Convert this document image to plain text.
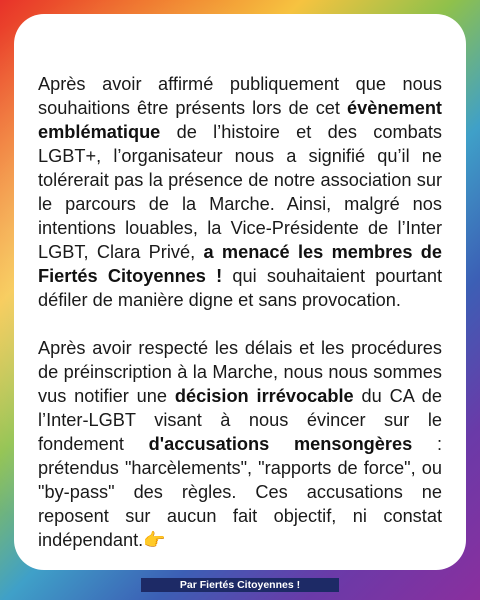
Après avoir affirmé publiquement que nous souhaitions être présents lors de cet évènement emblématique de l’histoire et des combats LGBT+, l’organisateur nous a signifié qu’il ne tolérerait pas la présence de notre association sur le parcours de la Marche. Ainsi, malgré nos intentions louables, la Vice-Présidente de l’Inter LGBT, Clara Privé, a menacé les membres de Fiertés Citoyennes ! qui souhaitaient pourtant défiler de manière digne et sans provocation.

Après avoir respecté les délais et les procédures de préinscription à la Marche, nous nous sommes vus notifier une décision irrévocable du CA de l’Inter-LGBT visant à nous évincer sur le fondement d'accusations mensongères : prétendus "harcèlements", "rapports de force", ou "by-pass" des règles. Ces accusations ne reposent sur aucun fait objectif, ni constat indépendant.👉

Par Fiertés Citoyennes !
